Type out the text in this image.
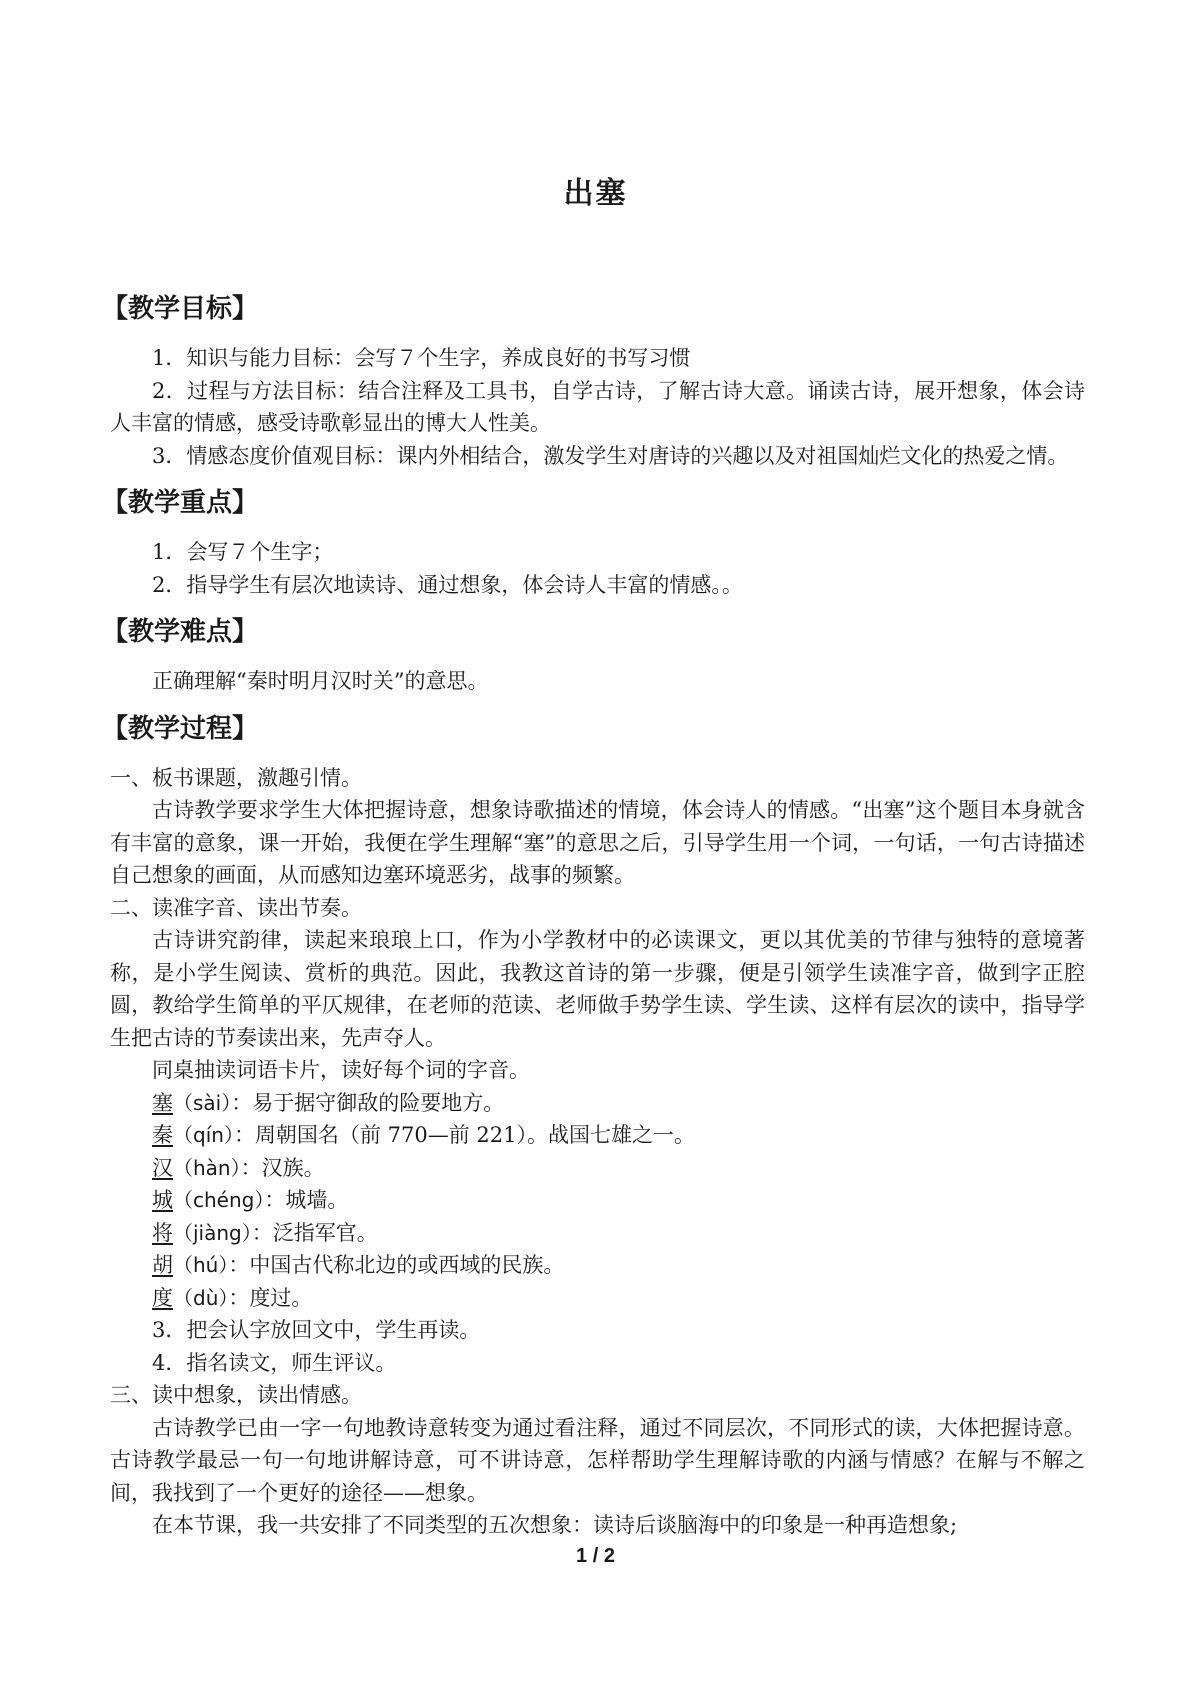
出塞
【教学目标】

1．知识与能力目标：会写７个生字，养成良好的书写习惯

2．过程与方法目标：结合注释及工具书，自学古诗，了解古诗大意。诵读古诗，展开想象，体会诗人丰富的情感，感受诗歌彰显出的博大人性美。

3．情感态度价值观目标：课内外相结合，激发学生对唐诗的兴趣以及对祖国灿烂文化的热爱之情。

【教学重点】

1．会写７个生字；

2．指导学生有层次地读诗、通过想象，体会诗人丰富的情感。。

【教学难点】

正确理解“秦时明月汉时关”的意思。

【教学过程】

一、板书课题，激趣引情。

古诗教学要求学生大体把握诗意，想象诗歌描述的情境，体会诗人的情感。“出塞”这个题目本身就含有丰富的意象，课一开始，我便在学生理解“塞”的意思之后，引导学生用一个词，一句话，一句古诗描述自己想象的画面，从而感知边塞环境恶劣，战事的频繁。

二、读准字音、读出节奏。

古诗讲究韵律，读起来琅琅上口，作为小学教材中的必读课文，更以其优美的节律与独特的意境著称，是小学生阅读、赏析的典范。因此，我教这首诗的第一步骤，便是引领学生读准字音，做到字正腔圆，教给学生简单的平仄规律，在老师的范读、老师做手势学生读、学生读、这样有层次的读中，指导学生把古诗的节奏读出来，先声夺人。

同桌抽读词语卡片，读好每个词的字音。

塞（sài）：易于据守御敌的险要地方。

秦（qín）：周朝国名（前 770—前 221）。战国七雄之一。

汉（hàn）：汉族。

城（chéng）：城墙。

将（jiàng）：泛指军官。

胡（hú）：中国古代称北边的或西域的民族。

度（dù）：度过。

3．把会认字放回文中，学生再读。

4．指名读文，师生评议。

三、读中想象，读出情感。

古诗教学已由一字一句地教诗意转变为通过看注释，通过不同层次，不同形式的读，大体把握诗意。古诗教学最忌一句一句地讲解诗意，可不讲诗意，怎样帮助学生理解诗歌的内涵与情感？在解与不解之间，我找到了一个更好的途径——想象。

在本节课，我一共安排了不同类型的五次想象：读诗后谈脑海中的印象是一种再造想象;

1 / 2
